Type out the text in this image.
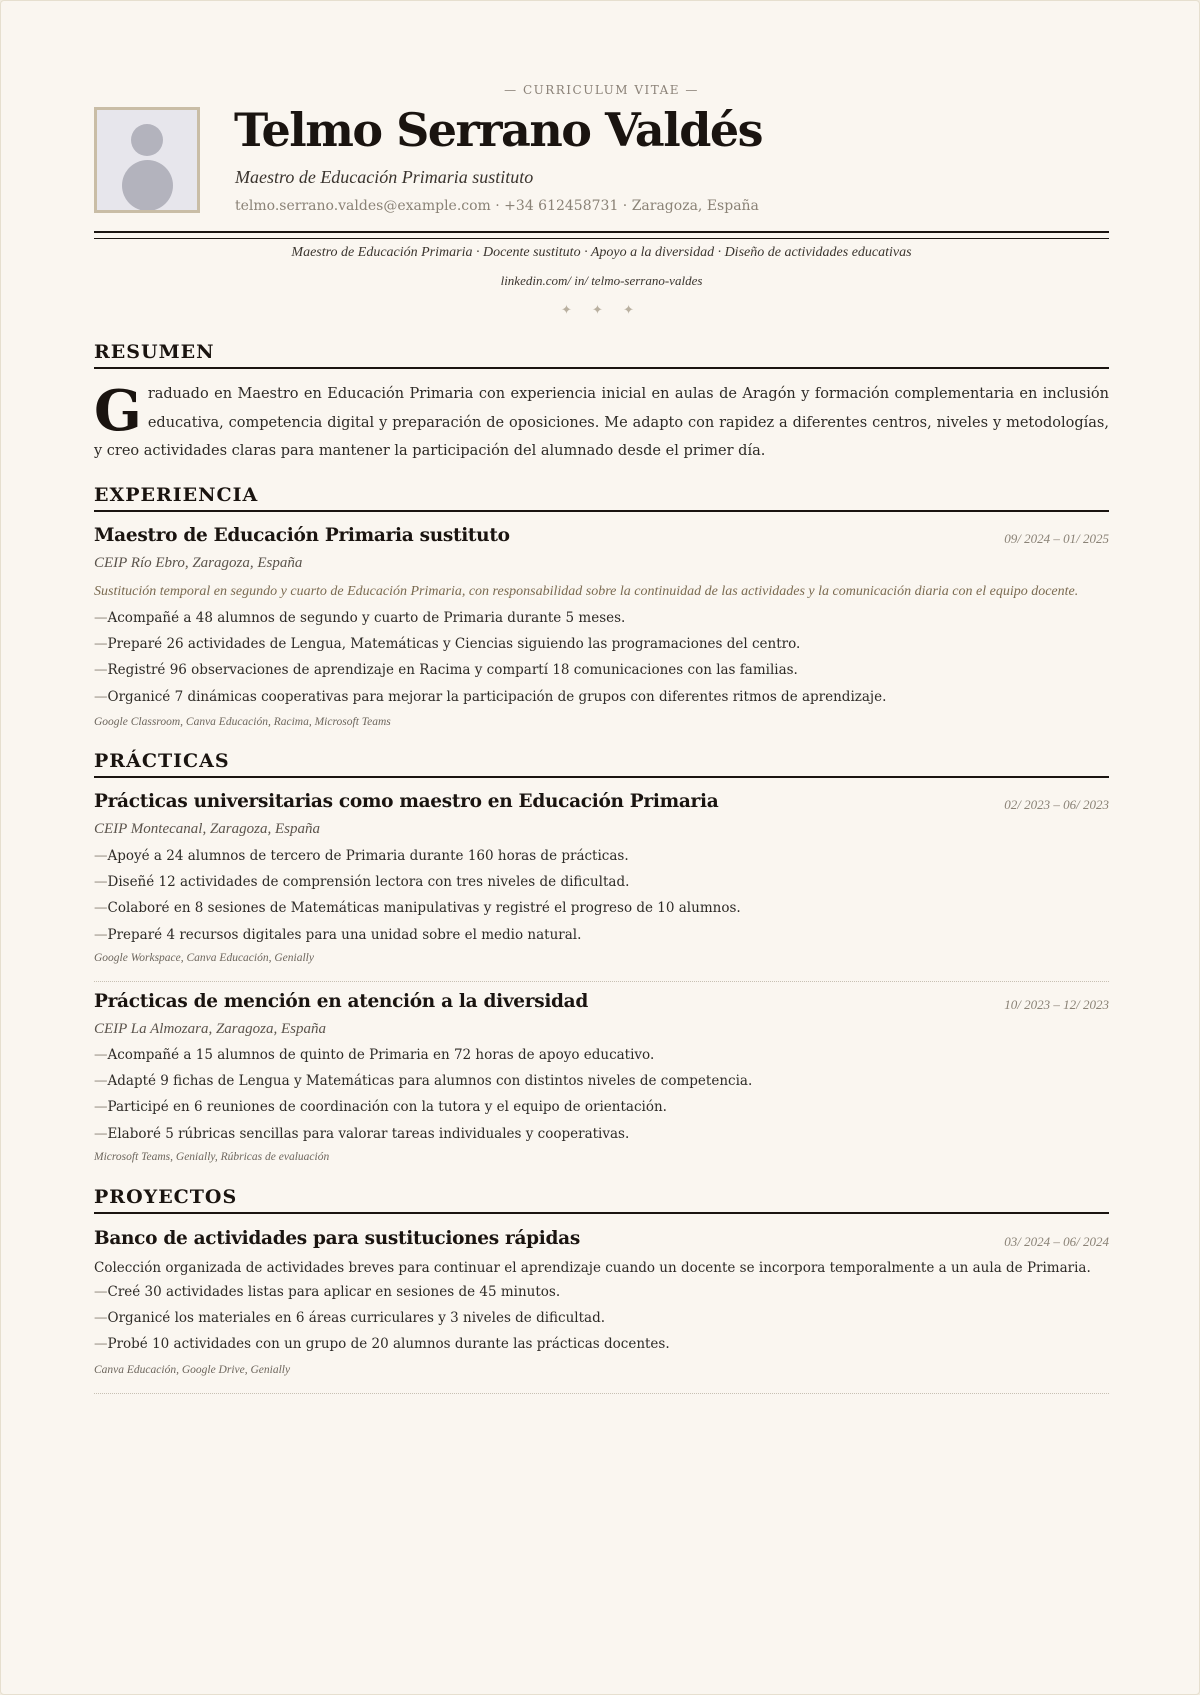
— CURRICULUM VITAE —
Telmo Serrano Valdés
Maestro de Educación Primaria sustituto
telmo.serrano.valdes@example.com · +34 612458731 · Zaragoza, España
Maestro de Educación Primaria · Docente sustituto · Apoyo a la diversidad · Diseño de actividades educativas
linkedin.com/ in/ telmo-serrano-valdes
✦ ✦ ✦
RESUMEN
Graduado en Maestro en Educación Primaria con experiencia inicial en aulas de Aragón y formación complementaria en inclusión educativa, competencia digital y preparación de oposiciones. Me adapto con rapidez a diferentes centros, niveles y metodologías, y creo actividades claras para mantener la participación del alumnado desde el primer día.
EXPERIENCIA
Maestro de Educación Primaria sustituto	09/ 2024 – 01/ 2025
CEIP Río Ebro, Zaragoza, España
Sustitución temporal en segundo y cuarto de Educación Primaria, con responsabilidad sobre la continuidad de las actividades y la comunicación diaria con el equipo docente.
—Acompañé a 48 alumnos de segundo y cuarto de Primaria durante 5 meses.
—Preparé 26 actividades de Lengua, Matemáticas y Ciencias siguiendo las programaciones del centro.
—Registré 96 observaciones de aprendizaje en Racima y compartí 18 comunicaciones con las familias.
—Organicé 7 dinámicas cooperativas para mejorar la participación de grupos con diferentes ritmos de aprendizaje.
Google Classroom, Canva Educación, Racima, Microsoft Teams
PRÁCTICAS
Prácticas universitarias como maestro en Educación Primaria	02/ 2023 – 06/ 2023
CEIP Montecanal, Zaragoza, España
—Apoyé a 24 alumnos de tercero de Primaria durante 160 horas de prácticas.
—Diseñé 12 actividades de comprensión lectora con tres niveles de dificultad.
—Colaboré en 8 sesiones de Matemáticas manipulativas y registré el progreso de 10 alumnos.
—Preparé 4 recursos digitales para una unidad sobre el medio natural.
Google Workspace, Canva Educación, Genially
Prácticas de mención en atención a la diversidad	10/ 2023 – 12/ 2023
CEIP La Almozara, Zaragoza, España
—Acompañé a 15 alumnos de quinto de Primaria en 72 horas de apoyo educativo.
—Adapté 9 fichas de Lengua y Matemáticas para alumnos con distintos niveles de competencia.
—Participé en 6 reuniones de coordinación con la tutora y el equipo de orientación.
—Elaboré 5 rúbricas sencillas para valorar tareas individuales y cooperativas.
Microsoft Teams, Genially, Rúbricas de evaluación
PROYECTOS
Banco de actividades para sustituciones rápidas	03/ 2024 – 06/ 2024
Colección organizada de actividades breves para continuar el aprendizaje cuando un docente se incorpora temporalmente a un aula de Primaria.
—Creé 30 actividades listas para aplicar en sesiones de 45 minutos.
—Organicé los materiales en 6 áreas curriculares y 3 niveles de dificultad.
—Probé 10 actividades con un grupo de 20 alumnos durante las prácticas docentes.
Canva Educación, Google Drive, Genially
